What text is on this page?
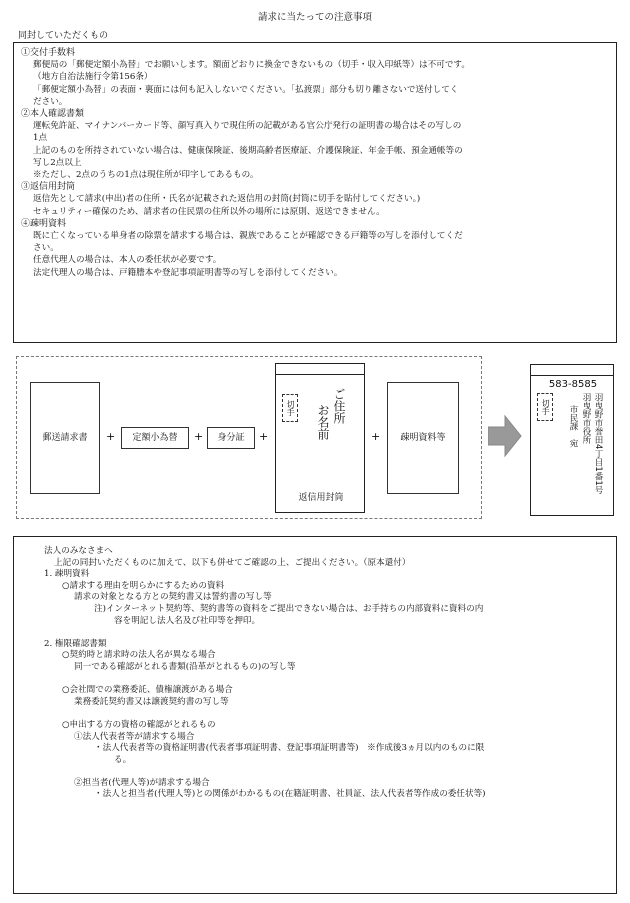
請求に当たっての注意事項
同封していただくもの
①交付手数料
郵便局の「郵便定額小為替」でお願いします。額面どおりに換金できないもの（切手・収入印紙等）は不可です。
（地方自治法施行令第156条）
「郵便定額小為替」の表面・裏面には何も記入しないでください。「払渡票」部分も切り離さないで送付してく
ださい。
②本人確認書類
運転免許証、マイナンバーカード等、顔写真入りで現住所の記載がある官公庁発行の証明書の場合はその写しの
1点
上記のものを所持されていない場合は、健康保険証、後期高齢者医療証、介護保険証、年金手帳、預金通帳等の
写し2点以上
※ただし、2点のうちの1点は現住所が印字してあるもの。
③返信用封筒
返信先として請求(申出)者の住所・氏名が記載された返信用の封筒(封筒に切手を貼付してください。)
セキュリティー確保のため、請求者の住民票の住所以外の場所には原則、返送できません。
④疎明資料
既に亡くなっている単身者の除票を請求する場合は、親族であることが確認できる戸籍等の写しを添付してくだ
さい。
任意代理人の場合は、本人の委任状が必要です。
法定代理人の場合は、戸籍謄本や登記事項証明書等の写しを添付してください。
郵送請求書 + 定額小為替 + 身分証 +
切手	ご住所
お名前
返信用封筒
+ 疎明資料等
583-8585
切手	羽曳野市誉田4丁目1番1号
羽曳野市役所
市民課　宛
法人のみなさまへ
上記の同封いただくものに加えて、以下も併せてご確認の上、ご提出ください。（原本還付）
1. 疎明資料
○請求する理由を明らかにするための資料
請求の対象となる方との契約書又は誓約書の写し等
注)インターネット契約等、契約書等の資料をご提出できない場合は、お手持ちの内部資料に資料の内
容を明記し法人名及び社印等を押印。
2. 権限確認書類
○契約時と請求時の法人名が異なる場合
同一である確認がとれる書類(沿革がとれるもの)の写し等
○会社間での業務委託、債権譲渡がある場合
業務委託契約書又は譲渡契約書の写し等
○申出する方の資格の確認がとれるもの
①法人代表者等が請求する場合
・法人代表者等の資格証明書(代表者事項証明書、登記事項証明書等)　※作成後3ヵ月以内のものに限
る。
②担当者(代理人等)が請求する場合
・法人と担当者(代理人等)との関係がわかるもの(在籍証明書、社員証、法人代表者等作成の委任状等)
